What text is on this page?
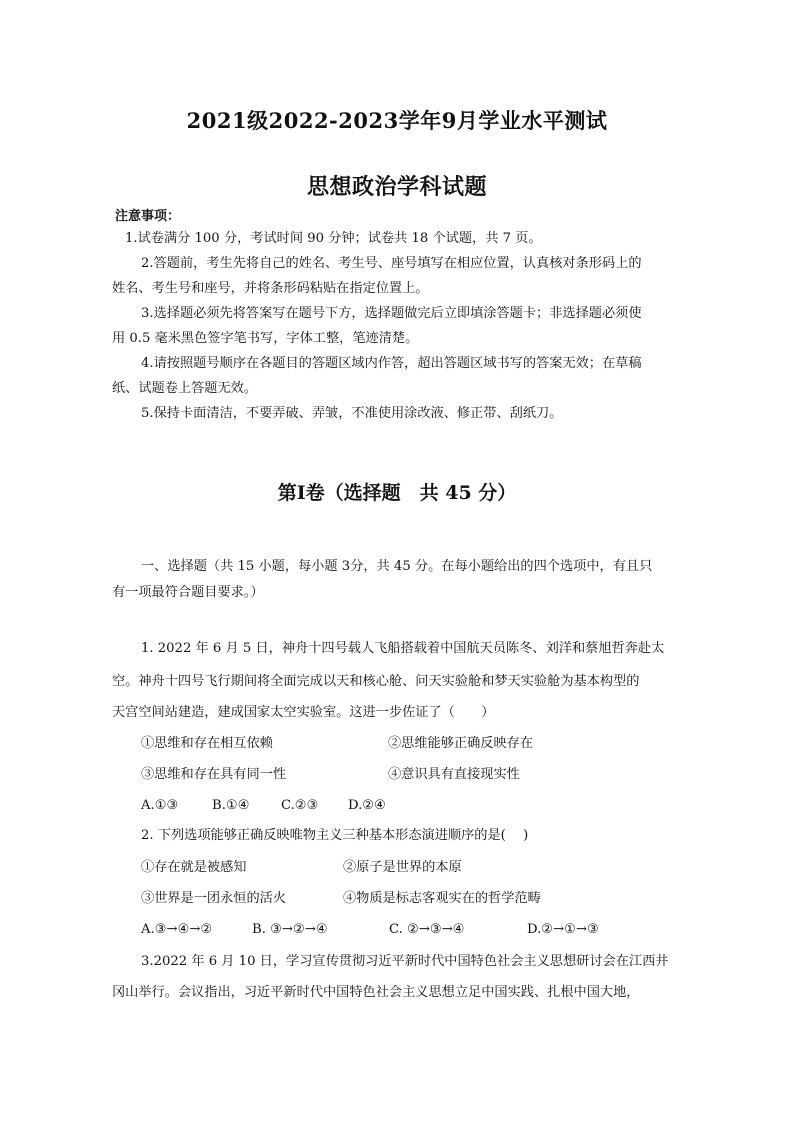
2021级2022-2023学年9月学业水平测试
思想政治学科试题
注意事项：
1.试卷满分 100 分，考试时间 90 分钟；试卷共 18 个试题，共 7 页。
2.答题前，考生先将自己的姓名、考生号、座号填写在相应位置，认真核对条形码上的
姓名、考生号和座号，并将条形码粘贴在指定位置上。
3.选择题必须先将答案写在题号下方，选择题做完后立即填涂答题卡；非选择题必须使
用 0.5 毫米黑色签字笔书写，字体工整，笔迹清楚。
4.请按照题号顺序在各题目的答题区域内作答，超出答题区域书写的答案无效；在草稿
纸、试题卷上答题无效。
5.保持卡面清洁，不要弄破、弄皱，不准使用涂改液、修正带、刮纸刀。
第Ⅰ卷（选择题　共 45 分）
一、选择题（共 15 小题，每小题 3分，共 45 分。在每小题给出的四个选项中，有且只
有一项最符合题目要求。）
1. 2022 年 6 月 5 日，神舟十四号载人飞船搭载着中国航天员陈冬、刘洋和蔡旭哲奔赴太
空。神舟十四号飞行期间将全面完成以天和核心舱、问天实验舱和梦天实验舱为基本构型的
天宫空间站建造，建成国家太空实验室。这进一步佐证了（　　）
①思维和存在相互依赖	②思维能够正确反映存在
③思维和存在具有同一性	④意识具有直接现实性
A.①③	B.①④ C.②③ D.②④
2. 下列选项能够正确反映唯物主义三种基本形态演进顺序的是(　 )
①存在就是被感知	②原子是世界的本原
③世界是一团永恒的活火	④物质是标志客观实在的哲学范畴
A.③→④→②	B. ③→②→④	C. ②→③→④	D.②→①→③
3.2022 年 6 月 10 日，学习宣传贯彻习近平新时代中国特色社会主义思想研讨会在江西井
冈山举行。会议指出，习近平新时代中国特色社会主义思想立足中国实践、扎根中国大地，
